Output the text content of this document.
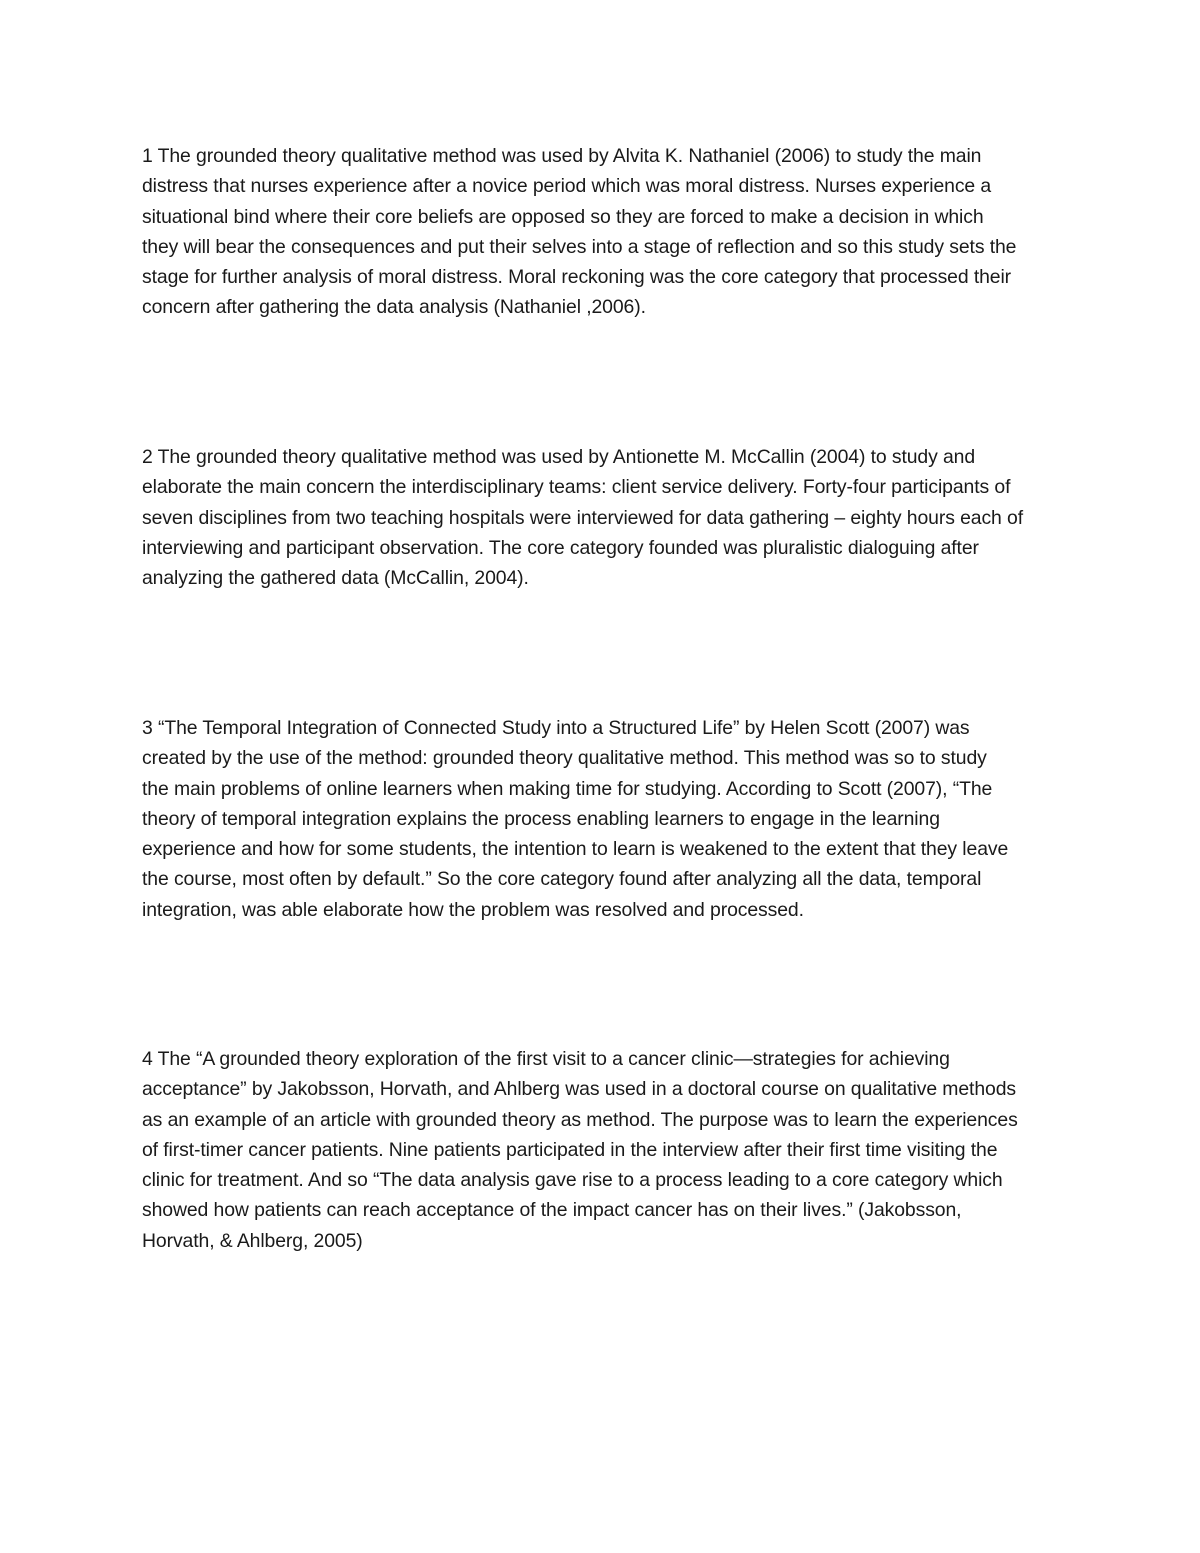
1 The grounded theory qualitative method was used by Alvita K. Nathaniel (2006) to study the main
distress that nurses experience after a novice period which was moral distress. Nurses experience a
situational bind where their core beliefs are opposed so they are forced to make a decision in which
they will bear the consequences and put their selves into a stage of reflection and so this study sets the
stage for further analysis of moral distress. Moral reckoning was the core category that processed their
concern after gathering the data analysis (Nathaniel ,2006).

2 The grounded theory qualitative method was used by Antionette M. McCallin (2004) to study and
elaborate the main concern the interdisciplinary teams: client service delivery. Forty-four participants of
seven disciplines from two teaching hospitals were interviewed for data gathering – eighty hours each of
interviewing and participant observation. The core category founded was pluralistic dialoguing after
analyzing the gathered data (McCallin, 2004).

3 “The Temporal Integration of Connected Study into a Structured Life” by Helen Scott (2007) was
created by the use of the method: grounded theory qualitative method. This method was so to study
the main problems of online learners when making time for studying. According to Scott (2007), “The
theory of temporal integration explains the process enabling learners to engage in the learning
experience and how for some students, the intention to learn is weakened to the extent that they leave
the course, most often by default.” So the core category found after analyzing all the data, temporal
integration, was able elaborate how the problem was resolved and processed.

4 The “A grounded theory exploration of the first visit to a cancer clinic—strategies for achieving
acceptance” by Jakobsson, Horvath, and Ahlberg was used in a doctoral course on qualitative methods
as an example of an article with grounded theory as method. The purpose was to learn the experiences
of first-timer cancer patients. Nine patients participated in the interview after their first time visiting the
clinic for treatment. And so “The data analysis gave rise to a process leading to a core category which
showed how patients can reach acceptance of the impact cancer has on their lives.” (Jakobsson,
Horvath, & Ahlberg, 2005)
